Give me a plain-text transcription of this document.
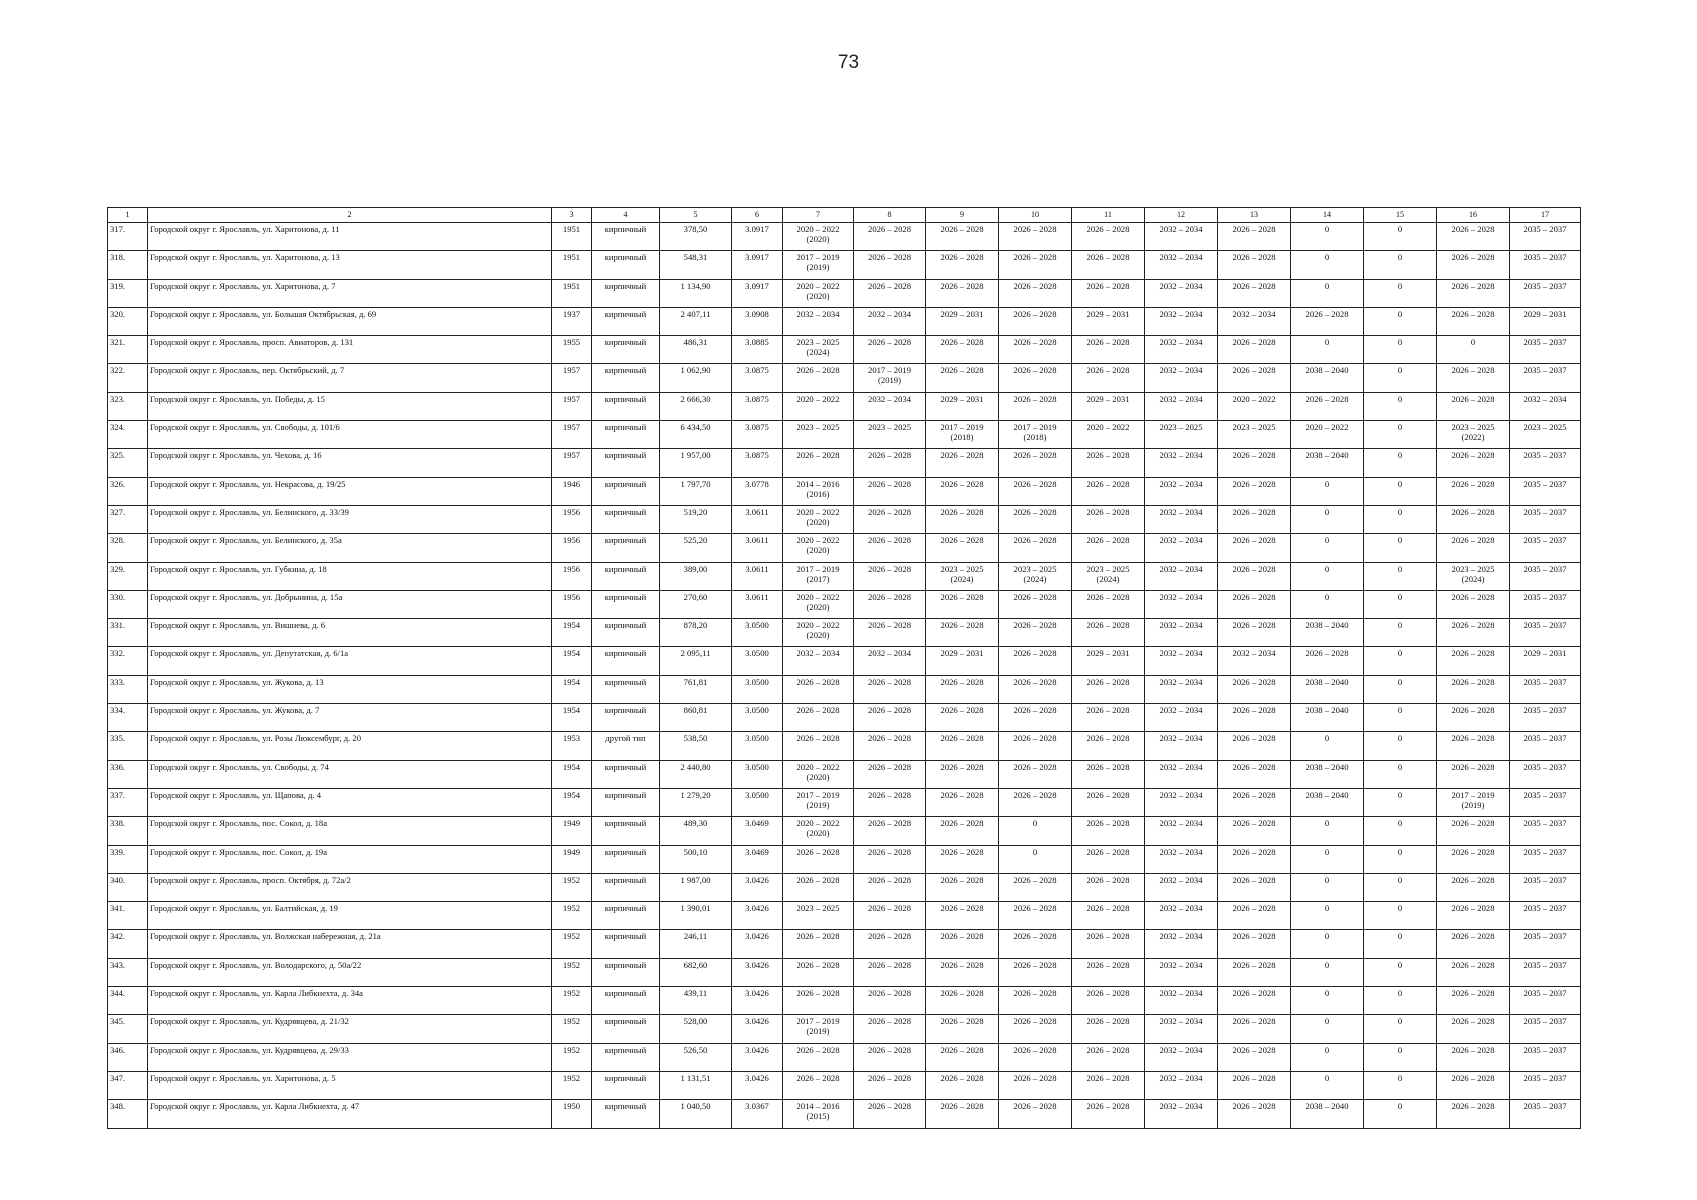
73
1	2	3	4	5	6	7	8	9	10	11	12	13	14	15	16	17
317.	Городской округ г. Ярославль, ул. Харитонова, д. 11	1951	кирпичный	378,50	3.0917	2020 – 2022
(2020)	2026 – 2028	2026 – 2028	2026 – 2028	2026 – 2028	2032 – 2034	2026 – 2028	0	0	2026 – 2028	2035 – 2037
318.	Городской округ г. Ярославль, ул. Харитонова, д. 13	1951	кирпичный	548,31	3.0917	2017 – 2019
(2019)	2026 – 2028	2026 – 2028	2026 – 2028	2026 – 2028	2032 – 2034	2026 – 2028	0	0	2026 – 2028	2035 – 2037
319.	Городской округ г. Ярославль, ул. Харитонова, д. 7	1951	кирпичный	1 134,90	3.0917	2020 – 2022
(2020)	2026 – 2028	2026 – 2028	2026 – 2028	2026 – 2028	2032 – 2034	2026 – 2028	0	0	2026 – 2028	2035 – 2037
320.	Городской округ г. Ярославль, ул. Большая Октябрьская, д. 69	1937	кирпичный	2 407,11	3.0908	2032 – 2034	2032 – 2034	2029 – 2031	2026 – 2028	2029 – 2031	2032 – 2034	2032 – 2034	2026 – 2028	0	2026 – 2028	2029 – 2031
321.	Городской округ г. Ярославль, просп. Авиаторов, д. 131	1955	кирпичный	486,31	3.0885	2023 – 2025
(2024)	2026 – 2028	2026 – 2028	2026 – 2028	2026 – 2028	2032 – 2034	2026 – 2028	0	0	0	2035 – 2037
322.	Городской округ г. Ярославль, пер. Октябрьский, д. 7	1957	кирпичный	1 062,90	3.0875	2026 – 2028	2017 – 2019
(2019)	2026 – 2028	2026 – 2028	2026 – 2028	2032 – 2034	2026 – 2028	2038 – 2040	0	2026 – 2028	2035 – 2037
323.	Городской округ г. Ярославль, ул. Победы, д. 15	1957	кирпичный	2 666,30	3.0875	2020 – 2022	2032 – 2034	2029 – 2031	2026 – 2028	2029 – 2031	2032 – 2034	2020 – 2022	2026 – 2028	0	2026 – 2028	2032 – 2034
324.	Городской округ г. Ярославль, ул. Свободы, д. 101/6	1957	кирпичный	6 434,50	3.0875	2023 – 2025	2023 – 2025	2017 – 2019
(2018)	2017 – 2019
(2018)	2020 – 2022	2023 – 2025	2023 – 2025	2020 – 2022	0	2023 – 2025
(2022)	2023 – 2025
325.	Городской округ г. Ярославль, ул. Чехова, д. 16	1957	кирпичный	1 957,00	3.0875	2026 – 2028	2026 – 2028	2026 – 2028	2026 – 2028	2026 – 2028	2032 – 2034	2026 – 2028	2038 – 2040	0	2026 – 2028	2035 – 2037
326.	Городской округ г. Ярославль, ул. Некрасова, д. 19/25	1946	кирпичный	1 797,70	3.0778	2014 – 2016
(2016)	2026 – 2028	2026 – 2028	2026 – 2028	2026 – 2028	2032 – 2034	2026 – 2028	0	0	2026 – 2028	2035 – 2037
327.	Городской округ г. Ярославль, ул. Белинского, д. 33/39	1956	кирпичный	519,20	3.0611	2020 – 2022
(2020)	2026 – 2028	2026 – 2028	2026 – 2028	2026 – 2028	2032 – 2034	2026 – 2028	0	0	2026 – 2028	2035 – 2037
328.	Городской округ г. Ярославль, ул. Белинского, д. 35а	1956	кирпичный	525,20	3.0611	2020 – 2022
(2020)	2026 – 2028	2026 – 2028	2026 – 2028	2026 – 2028	2032 – 2034	2026 – 2028	0	0	2026 – 2028	2035 – 2037
329.	Городской округ г. Ярославль, ул. Губкина, д. 18	1956	кирпичный	389,00	3.0611	2017 – 2019
(2017)	2026 – 2028	2023 – 2025
(2024)	2023 – 2025
(2024)	2023 – 2025
(2024)	2032 – 2034	2026 – 2028	0	0	2023 – 2025
(2024)	2035 – 2037
330.	Городской округ г. Ярославль, ул. Добрынина, д. 15а	1956	кирпичный	270,60	3.0611	2020 – 2022
(2020)	2026 – 2028	2026 – 2028	2026 – 2028	2026 – 2028	2032 – 2034	2026 – 2028	0	0	2026 – 2028	2035 – 2037
331.	Городской округ г. Ярославль, ул. Вишнева, д. 6	1954	кирпичный	878,20	3.0500	2020 – 2022
(2020)	2026 – 2028	2026 – 2028	2026 – 2028	2026 – 2028	2032 – 2034	2026 – 2028	2038 – 2040	0	2026 – 2028	2035 – 2037
332.	Городской округ г. Ярославль, ул. Депутатская, д. 6/1а	1954	кирпичный	2 095,11	3.0500	2032 – 2034	2032 – 2034	2029 – 2031	2026 – 2028	2029 – 2031	2032 – 2034	2032 – 2034	2026 – 2028	0	2026 – 2028	2029 – 2031
333.	Городской округ г. Ярославль, ул. Жукова, д. 13	1954	кирпичный	761,81	3.0500	2026 – 2028	2026 – 2028	2026 – 2028	2026 – 2028	2026 – 2028	2032 – 2034	2026 – 2028	2038 – 2040	0	2026 – 2028	2035 – 2037
334.	Городской округ г. Ярославль, ул. Жукова, д. 7	1954	кирпичный	860,81	3.0500	2026 – 2028	2026 – 2028	2026 – 2028	2026 – 2028	2026 – 2028	2032 – 2034	2026 – 2028	2038 – 2040	0	2026 – 2028	2035 – 2037
335.	Городской округ г. Ярославль, ул. Розы Люксембург, д. 20	1953	другой тип	538,50	3.0500	2026 – 2028	2026 – 2028	2026 – 2028	2026 – 2028	2026 – 2028	2032 – 2034	2026 – 2028	0	0	2026 – 2028	2035 – 2037
336.	Городской округ г. Ярославль, ул. Свободы, д. 74	1954	кирпичный	2 440,80	3.0500	2020 – 2022
(2020)	2026 – 2028	2026 – 2028	2026 – 2028	2026 – 2028	2032 – 2034	2026 – 2028	2038 – 2040	0	2026 – 2028	2035 – 2037
337.	Городской округ г. Ярославль, ул. Щапова, д. 4	1954	кирпичный	1 279,20	3.0500	2017 – 2019
(2019)	2026 – 2028	2026 – 2028	2026 – 2028	2026 – 2028	2032 – 2034	2026 – 2028	2038 – 2040	0	2017 – 2019
(2019)	2035 – 2037
338.	Городской округ г. Ярославль, пос. Сокол, д. 18а	1949	кирпичный	489,30	3.0469	2020 – 2022
(2020)	2026 – 2028	2026 – 2028	0	2026 – 2028	2032 – 2034	2026 – 2028	0	0	2026 – 2028	2035 – 2037
339.	Городской округ г. Ярославль, пос. Сокол, д. 19а	1949	кирпичный	500,10	3.0469	2026 – 2028	2026 – 2028	2026 – 2028	0	2026 – 2028	2032 – 2034	2026 – 2028	0	0	2026 – 2028	2035 – 2037
340.	Городской округ г. Ярославль, просп. Октября, д. 72а/2	1952	кирпичный	1 987,00	3.0426	2026 – 2028	2026 – 2028	2026 – 2028	2026 – 2028	2026 – 2028	2032 – 2034	2026 – 2028	0	0	2026 – 2028	2035 – 2037
341.	Городской округ г. Ярославль, ул. Балтийская, д. 19	1952	кирпичный	1 390,01	3.0426	2023 – 2025	2026 – 2028	2026 – 2028	2026 – 2028	2026 – 2028	2032 – 2034	2026 – 2028	0	0	2026 – 2028	2035 – 2037
342.	Городской округ г. Ярославль, ул. Волжская набережная, д. 21а	1952	кирпичный	246,11	3.0426	2026 – 2028	2026 – 2028	2026 – 2028	2026 – 2028	2026 – 2028	2032 – 2034	2026 – 2028	0	0	2026 – 2028	2035 – 2037
343.	Городской округ г. Ярославль, ул. Володарского, д. 50а/22	1952	кирпичный	682,60	3.0426	2026 – 2028	2026 – 2028	2026 – 2028	2026 – 2028	2026 – 2028	2032 – 2034	2026 – 2028	0	0	2026 – 2028	2035 – 2037
344.	Городской округ г. Ярославль, ул. Карла Либкнехта, д. 34а	1952	кирпичный	439,11	3.0426	2026 – 2028	2026 – 2028	2026 – 2028	2026 – 2028	2026 – 2028	2032 – 2034	2026 – 2028	0	0	2026 – 2028	2035 – 2037
345.	Городской округ г. Ярославль, ул. Кудрявцева, д. 21/32	1952	кирпичный	528,00	3.0426	2017 – 2019
(2019)	2026 – 2028	2026 – 2028	2026 – 2028	2026 – 2028	2032 – 2034	2026 – 2028	0	0	2026 – 2028	2035 – 2037
346.	Городской округ г. Ярославль, ул. Кудрявцева, д. 29/33	1952	кирпичный	526,50	3.0426	2026 – 2028	2026 – 2028	2026 – 2028	2026 – 2028	2026 – 2028	2032 – 2034	2026 – 2028	0	0	2026 – 2028	2035 – 2037
347.	Городской округ г. Ярославль, ул. Харитонова, д. 5	1952	кирпичный	1 131,51	3.0426	2026 – 2028	2026 – 2028	2026 – 2028	2026 – 2028	2026 – 2028	2032 – 2034	2026 – 2028	0	0	2026 – 2028	2035 – 2037
348.	Городской округ г. Ярославль, ул. Карла Либкнехта, д. 47	1950	кирпичный	1 040,50	3.0367	2014 – 2016
(2015)	2026 – 2028	2026 – 2028	2026 – 2028	2026 – 2028	2032 – 2034	2026 – 2028	2038 – 2040	0	2026 – 2028	2035 – 2037
